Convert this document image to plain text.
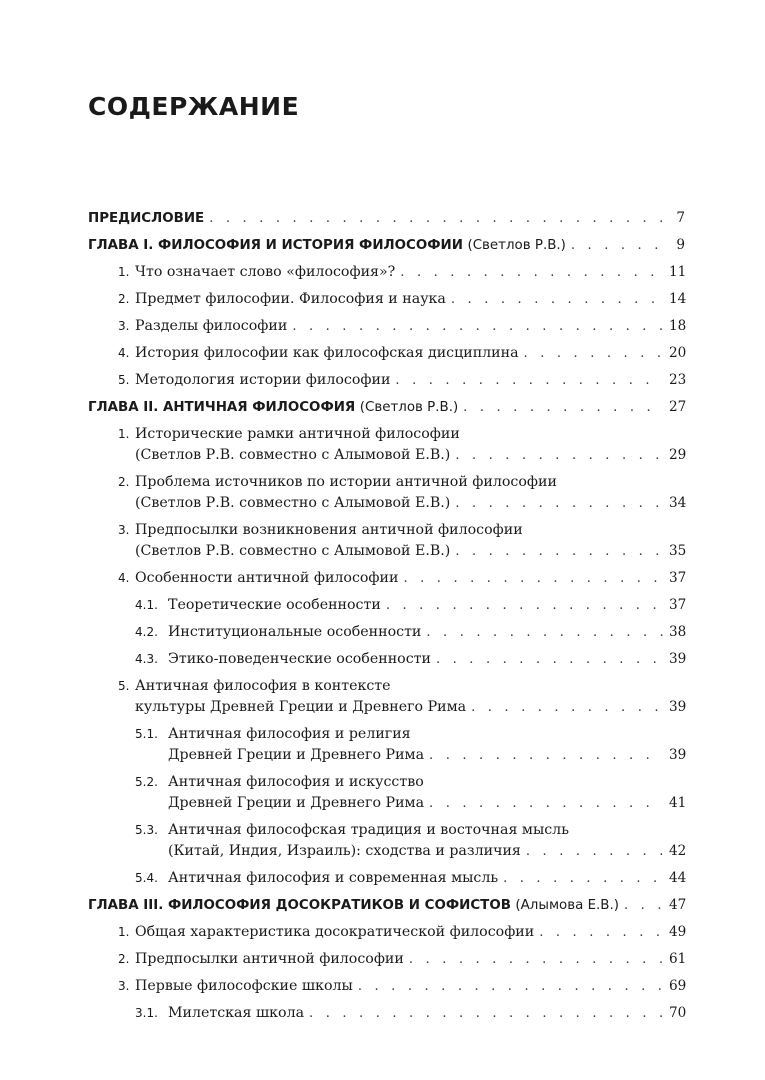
СОДЕРЖАНИЕ
ПРЕДИСЛОВИЕ . . .	7
ГЛАВА I. ФИЛОСОФИЯ И ИСТОРИЯ ФИЛОСОФИИ (Светлов Р.В.) . . .	9
1. Что означает слово «философия»? . . .	11
2. Предмет философии. Философия и наука . . .	14
3. Разделы философии . . .	18
4. История философии как философская дисциплина . . .	20
5. Методология истории философии . . .	23
ГЛАВА II. АНТИЧНАЯ ФИЛОСОФИЯ (Светлов Р.В.) . . .	27
1. Исторические рамки античной философии
(Светлов Р.В. совместно с Алымовой Е.В.) . . .	29
2. Проблема источников по истории античной философии
(Светлов Р.В. совместно с Алымовой Е.В.) . . .	34
3. Предпосылки возникновения античной философии
(Светлов Р.В. совместно с Алымовой Е.В.) . . .	35
4. Особенности античной философии . . .	37
4.1. Теоретические особенности . . .	37
4.2. Институциональные особенности . . .	38
4.3. Этико-поведенческие особенности . . .	39
5. Античная философия в контексте
культуры Древней Греции и Древнего Рима . . .	39
5.1. Античная философия и религия
Древней Греции и Древнего Рима . . .	39
5.2. Античная философия и искусство
Древней Греции и Древнего Рима . . .	41
5.3. Античная философская традиция и восточная мысль
(Китай, Индия, Израиль): сходства и различия . . .	42
5.4. Античная философия и современная мысль . . .	44
ГЛАВА III. ФИЛОСОФИЯ ДОСОКРАТИКОВ И СОФИСТОВ (Алымова Е.В.) . . .	47
1. Общая характеристика досократической философии . . .	49
2. Предпосылки античной философии . . .	61
3. Первые философские школы . . .	69
3.1. Милетская школа . . .	70
